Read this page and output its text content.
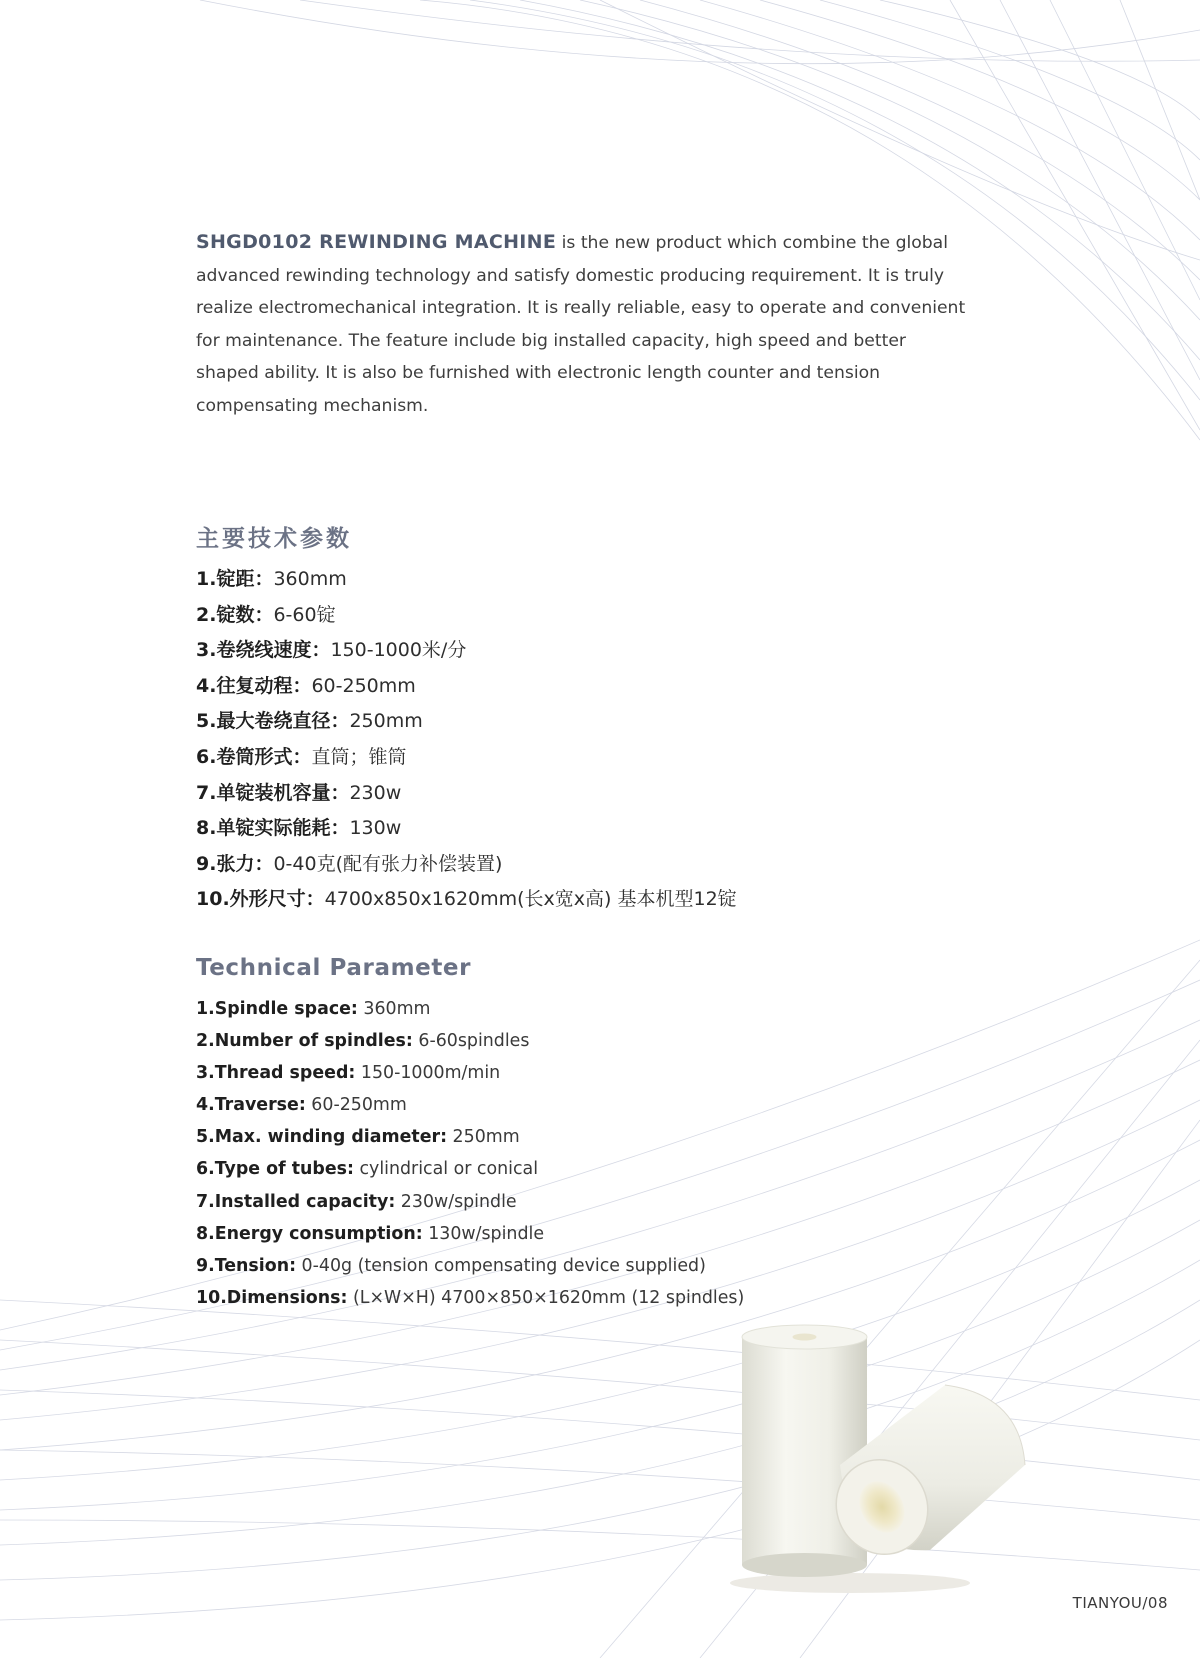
SHGD0102 REWINDING MACHINE is the new product which combine the global advanced rewinding technology and satisfy domestic producing requirement. It is truly realize electromechanical integration. It is really reliable, easy to operate and convenient for maintenance. The feature include big installed capacity, high speed and better shaped ability. It is also be furnished with electronic length counter and tension compensating mechanism.

主要技术参数
1.锭距：360mm
2.锭数：6-60锭
3.卷绕线速度：150-1000米/分
4.往复动程：60-250mm
5.最大卷绕直径：250mm
6.卷筒形式：直筒；锥筒
7.单锭装机容量：230w
8.单锭实际能耗：130w
9.张力：0-40克(配有张力补偿装置)
10.外形尺寸：4700x850x1620mm(长x宽x高) 基本机型12锭
Technical Parameter
1.Spindle space: 360mm
2.Number of spindles: 6-60spindles
3.Thread speed: 150-1000m/min
4.Traverse: 60-250mm
5.Max. winding diameter: 250mm
6.Type of tubes: cylindrical or conical
7.Installed capacity: 230w/spindle
8.Energy consumption: 130w/spindle
9.Tension: 0-40g (tension compensating device supplied)
10.Dimensions: (L×W×H) 4700×850×1620mm (12 spindles)

TIANYOU/08
